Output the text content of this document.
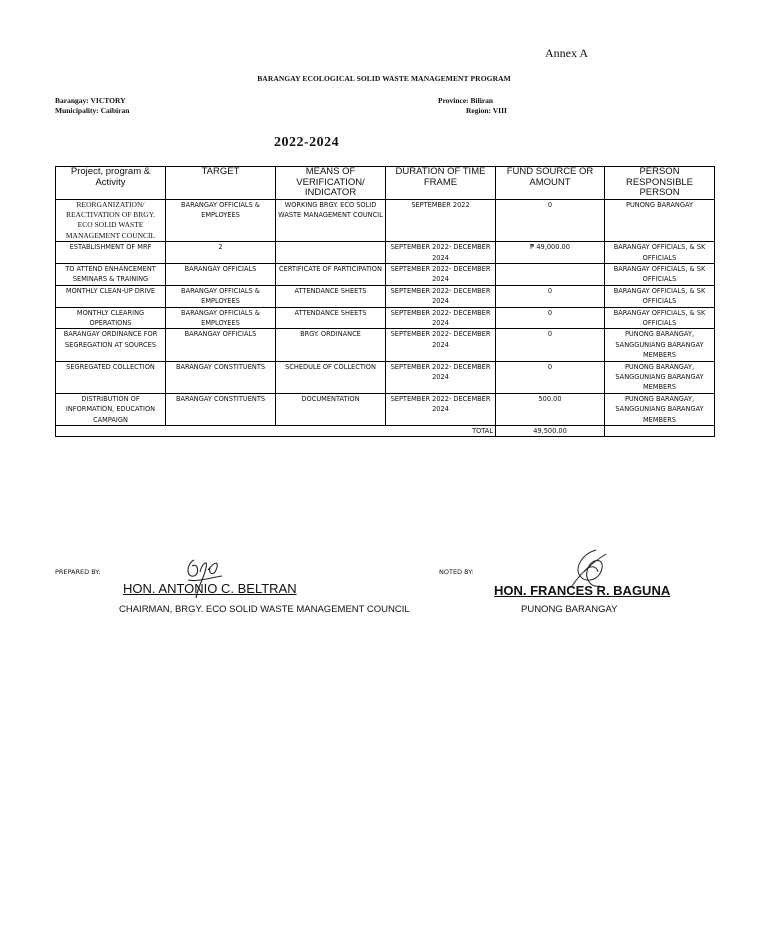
Annex A
BARANGAY ECOLOGICAL SOLID WASTE MANAGEMENT PROGRAM
Barangay: VICTORY
Municipality: Caibiran
Province: Biliran
Region: VIII
2022-2024
Project, program & Activity	TARGET	MEANS OF VERIFICATION/ INDICATOR	DURATION OF TIME FRAME	FUND SOURCE OR AMOUNT	PERSON RESPONSIBLE PERSON
REORGANIZATION/ REACTIVATION OF BRGY. ECO SOLID WASTE MANAGEMENT COUNCIL	BARANGAY OFFICIALS & EMPLOYEES	WORKING BRGY. ECO SOLID WASTE MANAGEMENT COUNCIL	SEPTEMBER 2022	0	PUNONG BARANGAY
ESTABLISHMENT OF MRF	2		SEPTEMBER 2022- DECEMBER 2024	₱ 49,000.00	BARANGAY OFFICIALS, & SK OFFICIALS
TO ATTEND ENHANCEMENT SEMINARS & TRAINING	BARANGAY OFFICIALS	CERTIFICATE OF PARTICIPATION	SEPTEMBER 2022- DECEMBER 2024		BARANGAY OFFICIALS, & SK OFFICIALS
MONTHLY CLEAN-UP DRIVE	BARANGAY OFFICIALS & EMPLOYEES	ATTENDANCE SHEETS	SEPTEMBER 2022- DECEMBER 2024	0	BARANGAY OFFICIALS, & SK OFFICIALS
MONTHLY CLEARING OPERATIONS	BARANGAY OFFICIALS & EMPLOYEES	ATTENDANCE SHEETS	SEPTEMBER 2022- DECEMBER 2024	0	BARANGAY OFFICIALS, & SK OFFICIALS
BARANGAY ORDINANCE FOR SEGREGATION AT SOURCES	BARANGAY OFFICIALS	BRGY. ORDINANCE	SEPTEMBER 2022- DECEMBER 2024	0	PUNONG BARANGAY, SANGGUNIANG BARANGAY MEMBERS
SEGREGATED COLLECTION	BARANGAY CONSTITUENTS	SCHEDULE OF COLLECTION	SEPTEMBER 2022- DECEMBER 2024	0	PUNONG BARANGAY, SANGGUNIANG BARANGAY MEMBERS
DISTRIBUTION OF INFORMATION, EDUCATION CAMPAIGN	BARANGAY CONSTITUENTS	DOCUMENTATION	SEPTEMBER 2022- DECEMBER 2024	500.00	PUNONG BARANGAY, SANGGUNIANG BARANGAY MEMBERS
TOTAL				49,500.00	
PREPARED BY:
HON. ANTONIO C. BELTRAN
CHAIRMAN, BRGY. ECO SOLID WASTE MANAGEMENT COUNCIL
NOTED BY:
HON. FRANCES R. BAGUNA
PUNONG BARANGAY
